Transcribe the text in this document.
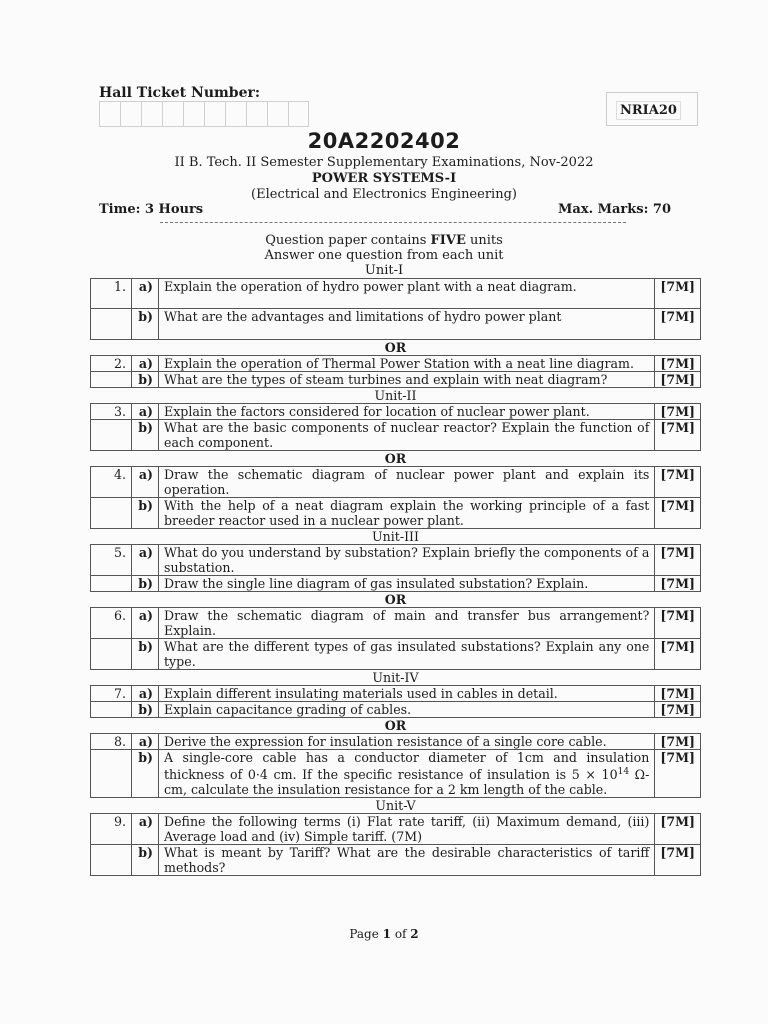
Hall Ticket Number:
NRIA20
20A2202402
II B. Tech. II Semester Supplementary Examinations, Nov-2022
POWER SYSTEMS-I
(Electrical and Electronics Engineering)
Time: 3 Hours	Max. Marks: 70
Question paper contains FIVE units
Answer one question from each unit
Unit-I
1.	a)	Explain the operation of hydro power plant with a neat diagram.	[7M]
	b)	What are the advantages and limitations of hydro power plant	[7M]
OR			
2.	a)	Explain the operation of Thermal Power Station with a neat line diagram.	[7M]
	b)	What are the types of steam turbines and explain with neat diagram?	[7M]
Unit-II			
3.	a)	Explain the factors considered for location of nuclear power plant.	[7M]
	b)	What are the basic components of nuclear reactor? Explain the function of each component.	[7M]
OR			
4.	a)	Draw the schematic diagram of nuclear power plant and explain its operation.	[7M]
	b)	With the help of a neat diagram explain the working principle of a fast breeder reactor used in a nuclear power plant.	[7M]
Unit-III			
5.	a)	What do you understand by substation? Explain briefly the components of a substation.	[7M]
	b)	Draw the single line diagram of gas insulated substation? Explain.	[7M]
OR			
6.	a)	Draw the schematic diagram of main and transfer bus arrangement? Explain.	[7M]
	b)	What are the different types of gas insulated substations? Explain any one type.	[7M]
Unit-IV			
7.	a)	Explain different insulating materials used in cables in detail.	[7M]
	b)	Explain capacitance grading of cables.	[7M]
OR			
8.	a)	Derive the expression for insulation resistance of a single core cable.	[7M]
	b)	A single-core cable has a conductor diameter of 1cm and insulation thickness of 0·4 cm. If the specific resistance of insulation is $5 \times 10^{14}$ Ω-cm, calculate the insulation resistance for a 2 km length of the cable.	[7M]
Unit-V			
9.	a)	Define the following terms (i) Flat rate tariff, (ii) Maximum demand, (iii) Average load and (iv) Simple tariff. (7M)	[7M]
	b)	What is meant by Tariff? What are the desirable characteristics of tariff methods?	[7M]
Page 1 of 2
